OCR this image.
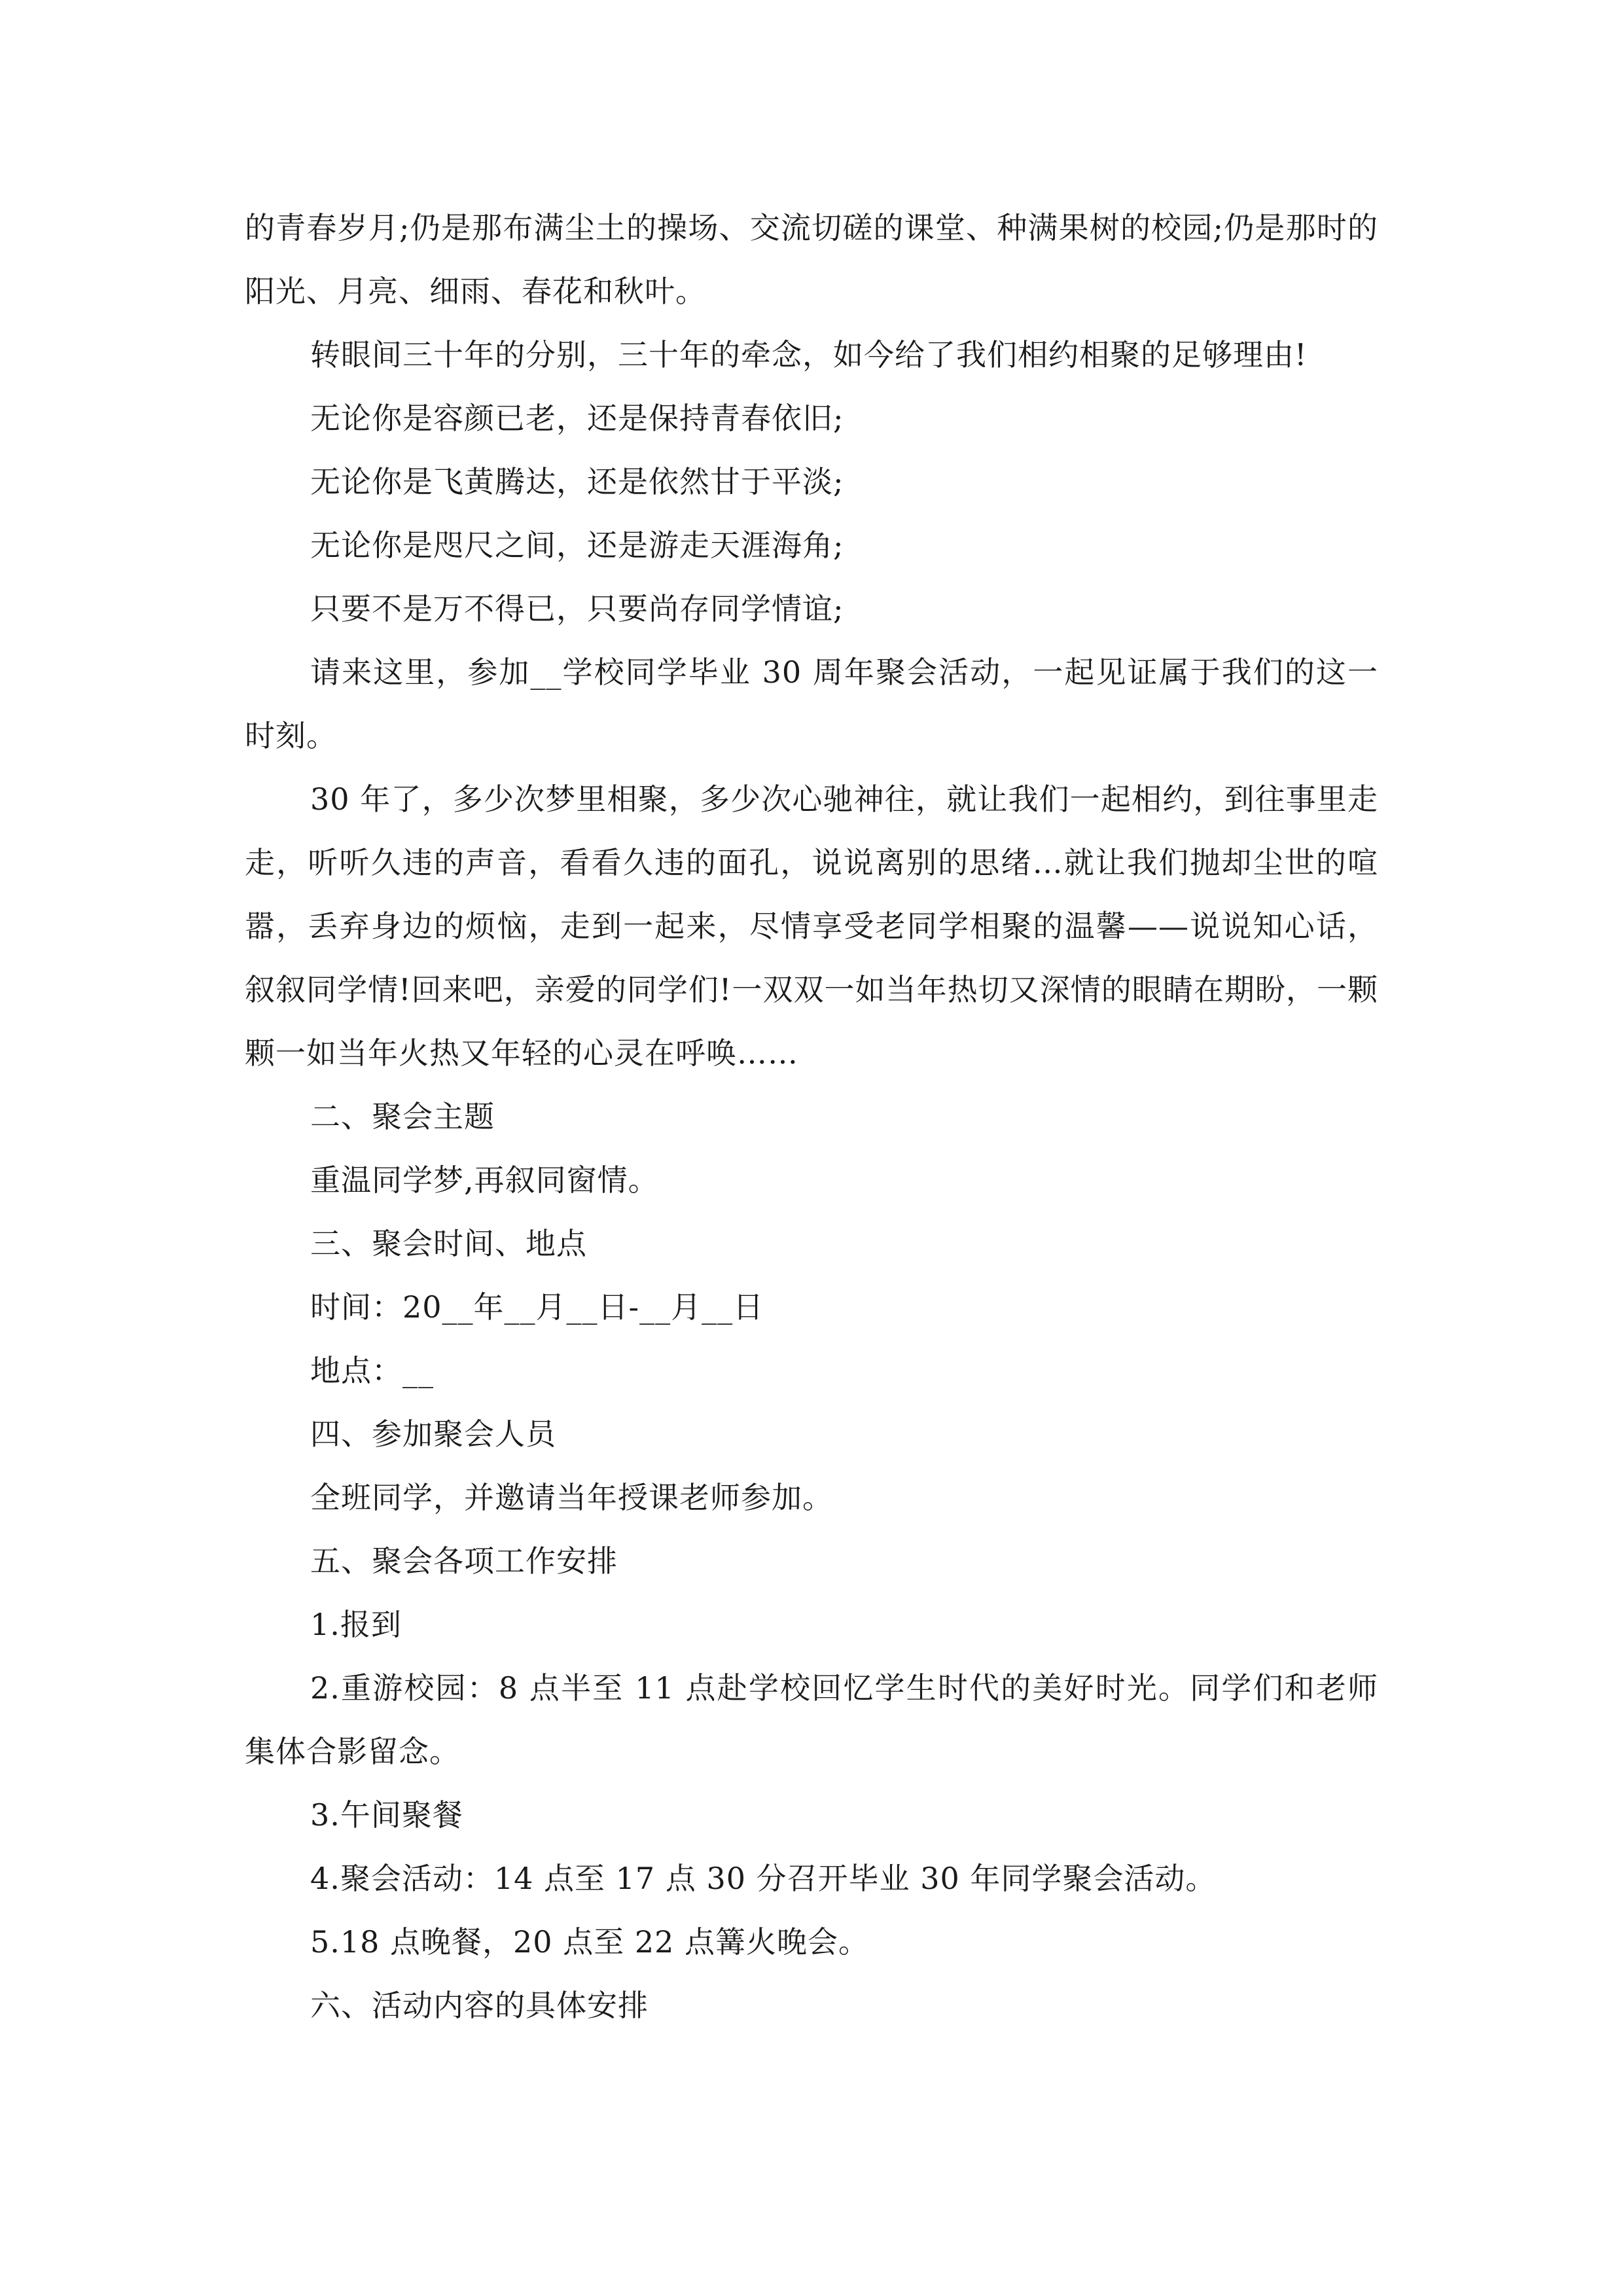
的青春岁月;仍是那布满尘土的操场、交流切磋的课堂、种满果树的校园;仍是那时的阳光、月亮、细雨、春花和秋叶。

转眼间三十年的分别，三十年的牵念，如今给了我们相约相聚的足够理由!

无论你是容颜已老，还是保持青春依旧;

无论你是飞黄腾达，还是依然甘于平淡;

无论你是咫尺之间，还是游走天涯海角;

只要不是万不得已，只要尚存同学情谊;

请来这里，参加__学校同学毕业 30 周年聚会活动，一起见证属于我们的这一时刻。

30 年了，多少次梦里相聚，多少次心驰神往，就让我们一起相约，到往事里走走，听听久违的声音，看看久违的面孔，说说离别的思绪…就让我们抛却尘世的喧嚣，丢弃身边的烦恼，走到一起来，尽情享受老同学相聚的温馨——说说知心话，叙叙同学情!回来吧，亲爱的同学们!一双双一如当年热切又深情的眼睛在期盼，一颗颗一如当年火热又年轻的心灵在呼唤……

二、聚会主题

重温同学梦,再叙同窗情。

三、聚会时间、地点

时间：20__年__月__日-__月__日

地点：__

四、参加聚会人员

全班同学，并邀请当年授课老师参加。

五、聚会各项工作安排

1.报到

2.重游校园：8 点半至 11 点赴学校回忆学生时代的美好时光。同学们和老师集体合影留念。

3.午间聚餐

4.聚会活动：14 点至 17 点 30 分召开毕业 30 年同学聚会活动。

5.18 点晚餐，20 点至 22 点篝火晚会。

六、活动内容的具体安排
